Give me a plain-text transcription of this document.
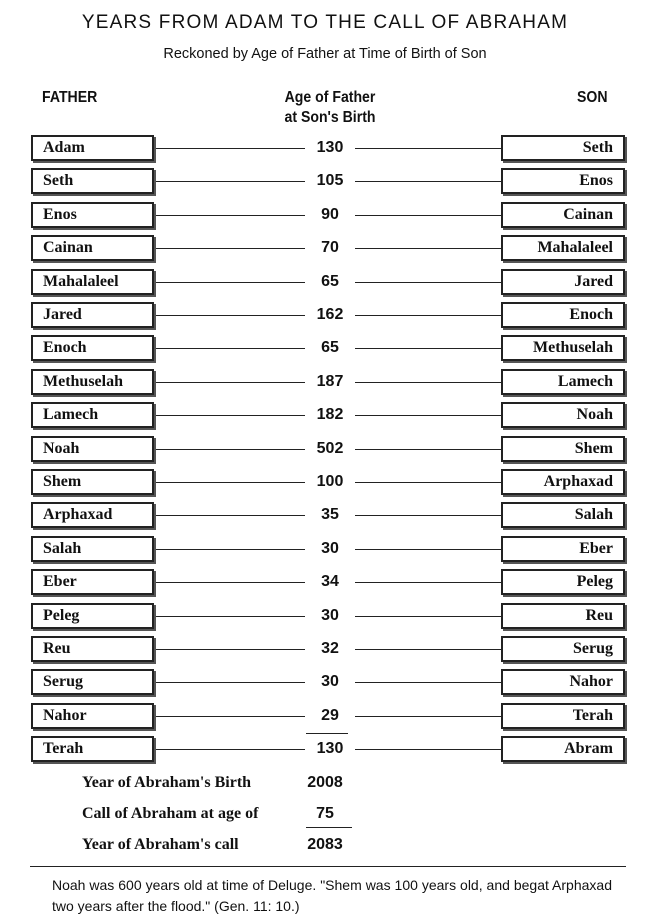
YEARS FROM ADAM TO THE CALL OF ABRAHAM
Reckoned by Age of Father at Time of Birth of Son
FATHER	Age of Father
at Son's Birth
SON
Adam	130	Seth
Seth	105	Enos
Enos	90	Cainan
Cainan	70	Mahalaleel
Mahalaleel	65	Jared
Jared	162	Enoch
Enoch	65	Methuselah
Methuselah	187	Lamech
Lamech	182	Noah
Noah	502	Shem
Shem	100	Arphaxad
Arphaxad	35	Salah
Salah	30	Eber
Eber	34	Peleg
Peleg	30	Reu
Reu	32	Serug
Serug	30	Nahor
Nahor	29	Terah
Terah	130	Abram
Year of Abraham's Birth	2008
Call of Abraham at age of	75
Year of Abraham's call	2083
Noah was 600 years old at time of Deluge. "Shem was 100 years old, and begat Arphaxad two years after the flood." (Gen. 11: 10.)
